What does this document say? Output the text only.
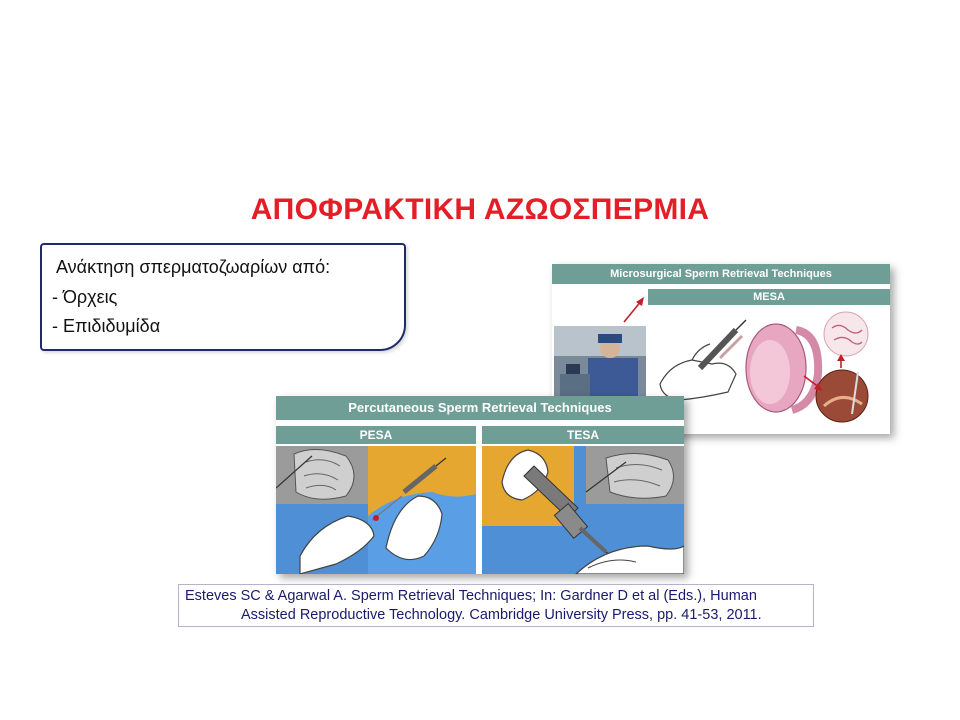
ΑΠΟΦΡΑΚΤΙΚΗ ΑΖΩΟΣΠΕΡΜΙΑ
Ανάκτηση σπερματοζωαρίων από:
- Όρχεις
- Επιδιδυμίδα
Microsurgical Sperm Retrieval Techniques
MESA
Percutaneous Sperm Retrieval Techniques
PESA	TESA
Esteves SC & Agarwal A. Sperm Retrieval Techniques; In: Gardner D et al (Eds.), Human
Assisted Reproductive Technology. Cambridge University Press, pp. 41-53, 2011.
